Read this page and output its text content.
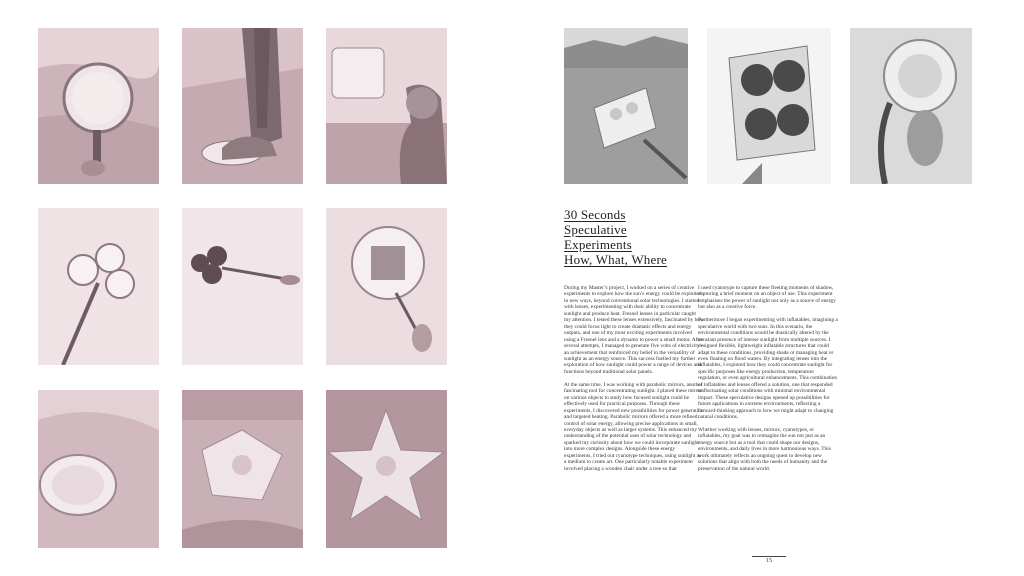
30 Seconds
Speculative
Experiments
How, What, Where

During my Master’s project, I worked on a series of creative experiments to explore how the sun’s energy could be exploited in new ways, beyond conventional solar technologies. I started with lenses, experimenting with their ability to concentrate sunlight and produce heat. Fresnel lenses in particular caught my attention. I tested these lenses extensively, fascinated by how they could focus light to create dramatic effects and energy outputs, and one of my most exciting experiments involved using a Fresnel lens and a dynamo to power a small motor. After several attempts, I managed to generate five volts of electricity - an achievement that reinforced my belief in the versatility of sunlight as an energy source. This success fuelled my further exploration of how sunlight could power a range of devices and functions beyond traditional solar panels.

At the same time, I was working with parabolic mirrors, another fascinating tool for concentrating sunlight. I placed these mirrors on various objects to study how focused sunlight could be effectively used for practical purposes. Through these experiments, I discovered new possibilities for power generation and targeted heating. Parabolic mirrors offered a more refined control of solar energy, allowing precise applications in small, everyday objects as well as larger systems. This enhanced my understanding of the potential uses of solar technology and sparked my curiosity about how we could incorporate sunlight into more complex designs. Alongside these energy experiments, I tried out cyanotype techniques, using sunlight as a medium to create art. One particularly notable experiment involved placing a wooden chair under a tree so that

I used cyanotype to capture these fleeting moments of shadow, capturing a brief moment on an object of use. This experiment emphasises the power of sunlight not only as a source of energy but also as a creative force.

Furthermore I began experimenting with inflatables, imagining a speculative world with two suns. In this scenario, the environmental conditions would be drastically altered by the constant presence of intense sunlight from multiple sources. I designed flexible, lightweight inflatable structures that could adapt to these conditions, providing shade or managing heat or even floating on flood waters. By integrating lenses into the inflatables, I explored how they could concentrate sunlight for specific purposes like energy production, temperature regulation, or even agricultural enhancements. This combination of inflatables and lenses offered a solution, one that responded to fluctuating solar conditions with minimal environmental impact. These speculative designs opened up possibilities for future applications in extreme environments, reflecting a forward-thinking approach to how we might adapt to changing natural conditions.

Whether working with lenses, mirrors, cyanotypes, or inflatables, my goal was to reimagine the sun not just as an energy source but as a tool that could shape our designs, environments, and daily lives in more harmonious ways. This work ultimately reflects an ongoing quest to develop new solutions that align with both the needs of humanity and the preservation of the natural world.

15
